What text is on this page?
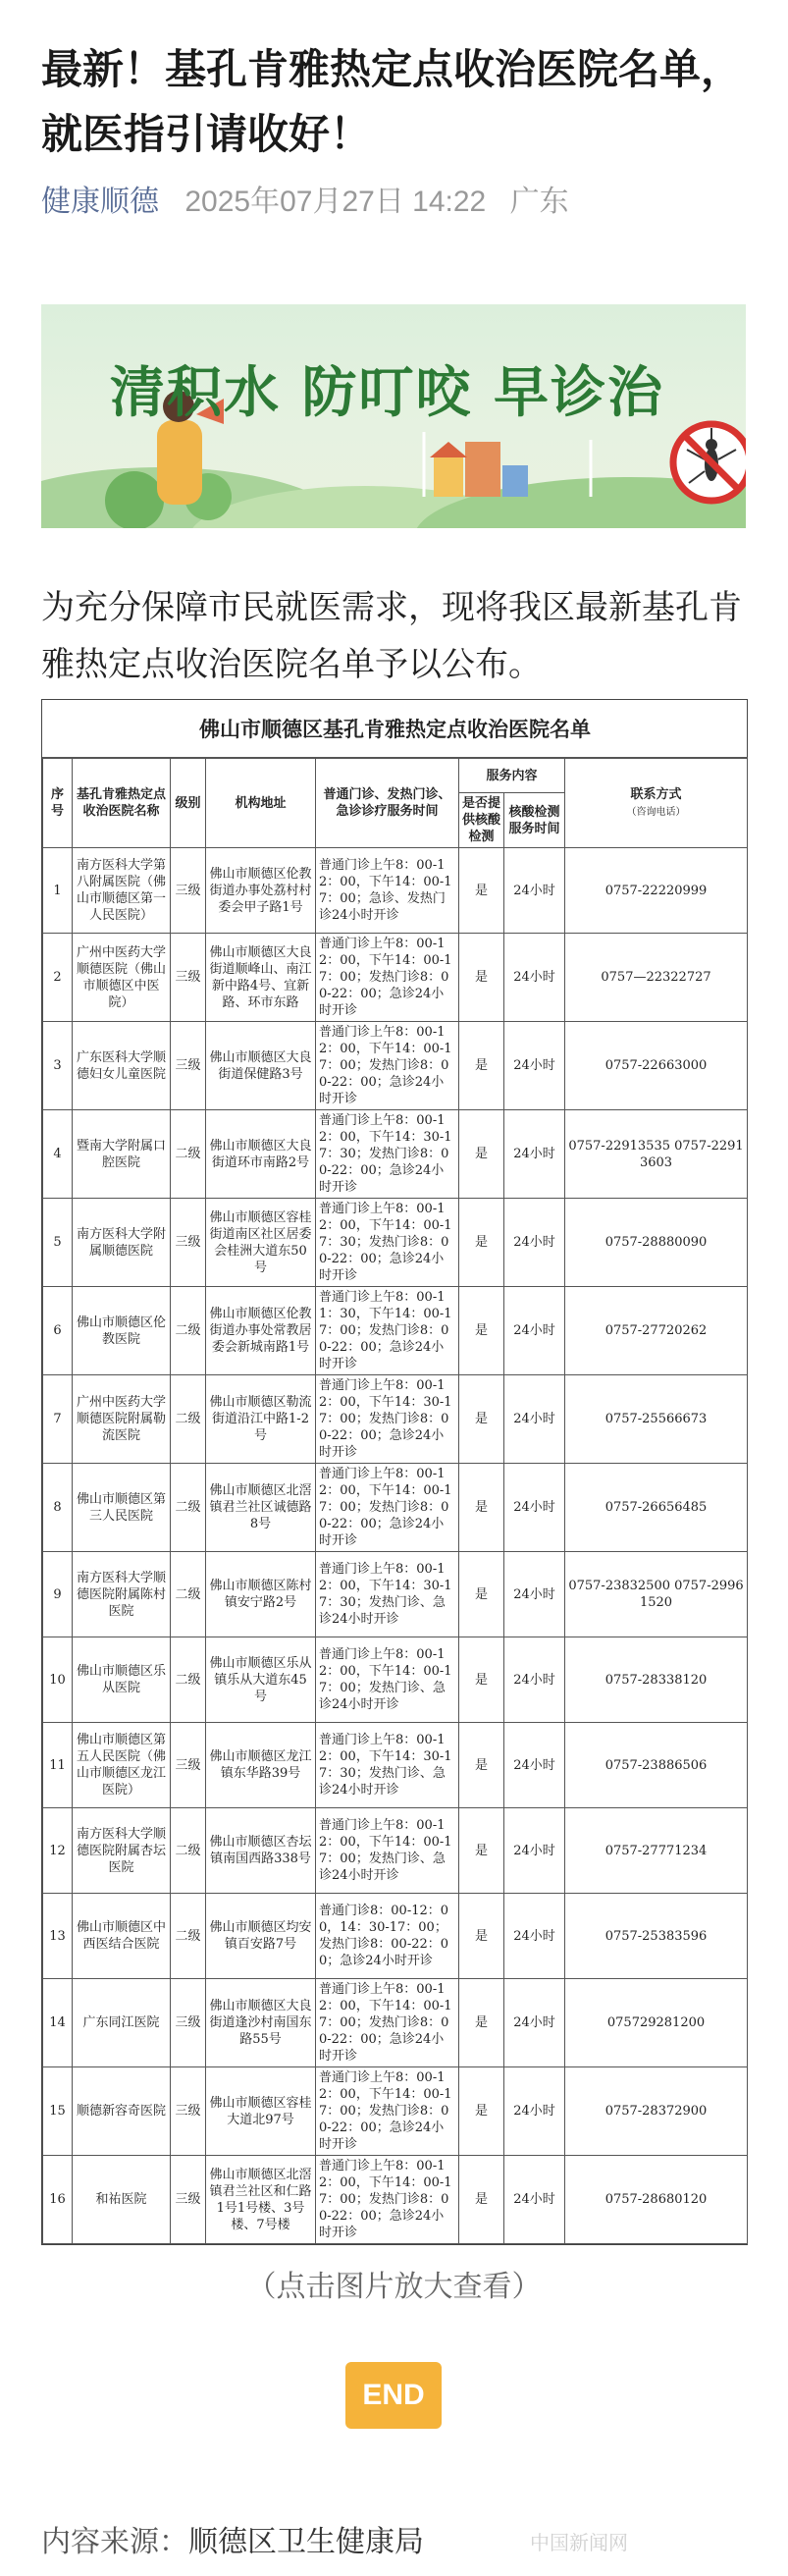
最新！基孔肯雅热定点收治医院名单，就医指引请收好！
健康顺德 2025年07月27日 14:22 广东
清积水 防叮咬 早诊治

为充分保障市民就医需求，现将我区最新基孔肯雅热定点收治医院名单予以公布。

佛山市顺德区基孔肯雅热定点收治医院名单
序号	基孔肯雅热定点收治医院名称	级别	机构地址	普通门诊、发热门诊、急诊诊疗服务时间	服务内容		联系方式
（咨询电话）
					是否提供核酸检测	核酸检测服务时间	
1	南方医科大学第八附属医院（佛山市顺德区第一人民医院）	三级	佛山市顺德区伦教街道办事处荔村村委会甲子路1号	普通门诊上午8：00-12：00，下午14：00-17：00；急诊、发热门诊24小时开诊	是	24小时	0757-22220999
2	广州中医药大学顺德医院（佛山市顺德区中医院）	三级	佛山市顺德区大良街道顺峰山、南江新中路4号、宜新路、环市东路	普通门诊上午8：00-12：00，下午14：00-17：00；发热门诊8：00-22：00；急诊24小时开诊	是	24小时	0757—22322727
3	广东医科大学顺德妇女儿童医院	三级	佛山市顺德区大良街道保健路3号	普通门诊上午8：00-12：00，下午14：00-17：00；发热门诊8：00-22：00；急诊24小时开诊	是	24小时	0757-22663000
4	暨南大学附属口腔医院	二级	佛山市顺德区大良街道环市南路2号	普通门诊上午8：00-12：00，下午14：30-17：30；发热门诊8：00-22：00；急诊24小时开诊	是	24小时	0757-22913535 0757-22913603
5	南方医科大学附属顺德医院	三级	佛山市顺德区容桂街道南区社区居委会桂洲大道东50号	普通门诊上午8：00-12：00，下午14：00-17：30；发热门诊8：00-22：00；急诊24小时开诊	是	24小时	0757-28880090
6	佛山市顺德区伦教医院	二级	佛山市顺德区伦教街道办事处常教居委会新城南路1号	普通门诊上午8：00-11：30，下午14：00-17：00；发热门诊8：00-22：00；急诊24小时开诊	是	24小时	0757-27720262
7	广州中医药大学顺德医院附属勒流医院	二级	佛山市顺德区勒流街道沿江中路1-2号	普通门诊上午8：00-12：00，下午14：30-17：00；发热门诊8：00-22：00；急诊24小时开诊	是	24小时	0757-25566673
8	佛山市顺德区第三人民医院	二级	佛山市顺德区北滘镇君兰社区诚德路8号	普通门诊上午8：00-12：00，下午14：00-17：00；发热门诊8：00-22：00；急诊24小时开诊	是	24小时	0757-26656485
9	南方医科大学顺德医院附属陈村医院	二级	佛山市顺德区陈村镇安宁路2号	普通门诊上午8：00-12：00，下午14：30-17：30；发热门诊、急诊24小时开诊	是	24小时	0757-23832500 0757-29961520
10	佛山市顺德区乐从医院	二级	佛山市顺德区乐从镇乐从大道东45号	普通门诊上午8：00-12：00，下午14：00-17：00；发热门诊、急诊24小时开诊	是	24小时	0757-28338120
11	佛山市顺德区第五人民医院（佛山市顺德区龙江医院）	三级	佛山市顺德区龙江镇东华路39号	普通门诊上午8：00-12：00，下午14：30-17：30；发热门诊、急诊24小时开诊	是	24小时	0757-23886506
12	南方医科大学顺德医院附属杏坛医院	二级	佛山市顺德区杏坛镇南国西路338号	普通门诊上午8：00-12：00，下午14：00-17：00；发热门诊、急诊24小时开诊	是	24小时	0757-27771234
13	佛山市顺德区中西医结合医院	二级	佛山市顺德区均安镇百安路7号	普通门诊8：00-12：00，14：30-17：00；发热门诊8：00-22：00；急诊24小时开诊	是	24小时	0757-25383596
14	广东同江医院	三级	佛山市顺德区大良街道逢沙村南国东路55号	普通门诊上午8：00-12：00，下午14：00-17：00；发热门诊8：00-22：00；急诊24小时开诊	是	24小时	075729281200
15	顺德新容奇医院	三级	佛山市顺德区容桂大道北97号	普通门诊上午8：00-12：00，下午14：00-17：00；发热门诊8：00-22：00；急诊24小时开诊	是	24小时	0757-28372900
16	和祐医院	三级	佛山市顺德区北滘镇君兰社区和仁路1号1号楼、3号楼、7号楼	普通门诊上午8：00-12：00，下午14：00-17：00；发热门诊8：00-22：00；急诊24小时开诊	是	24小时	0757-28680120
（点击图片放大查看）
END
内容来源：顺德区卫生健康局	中国新闻网
